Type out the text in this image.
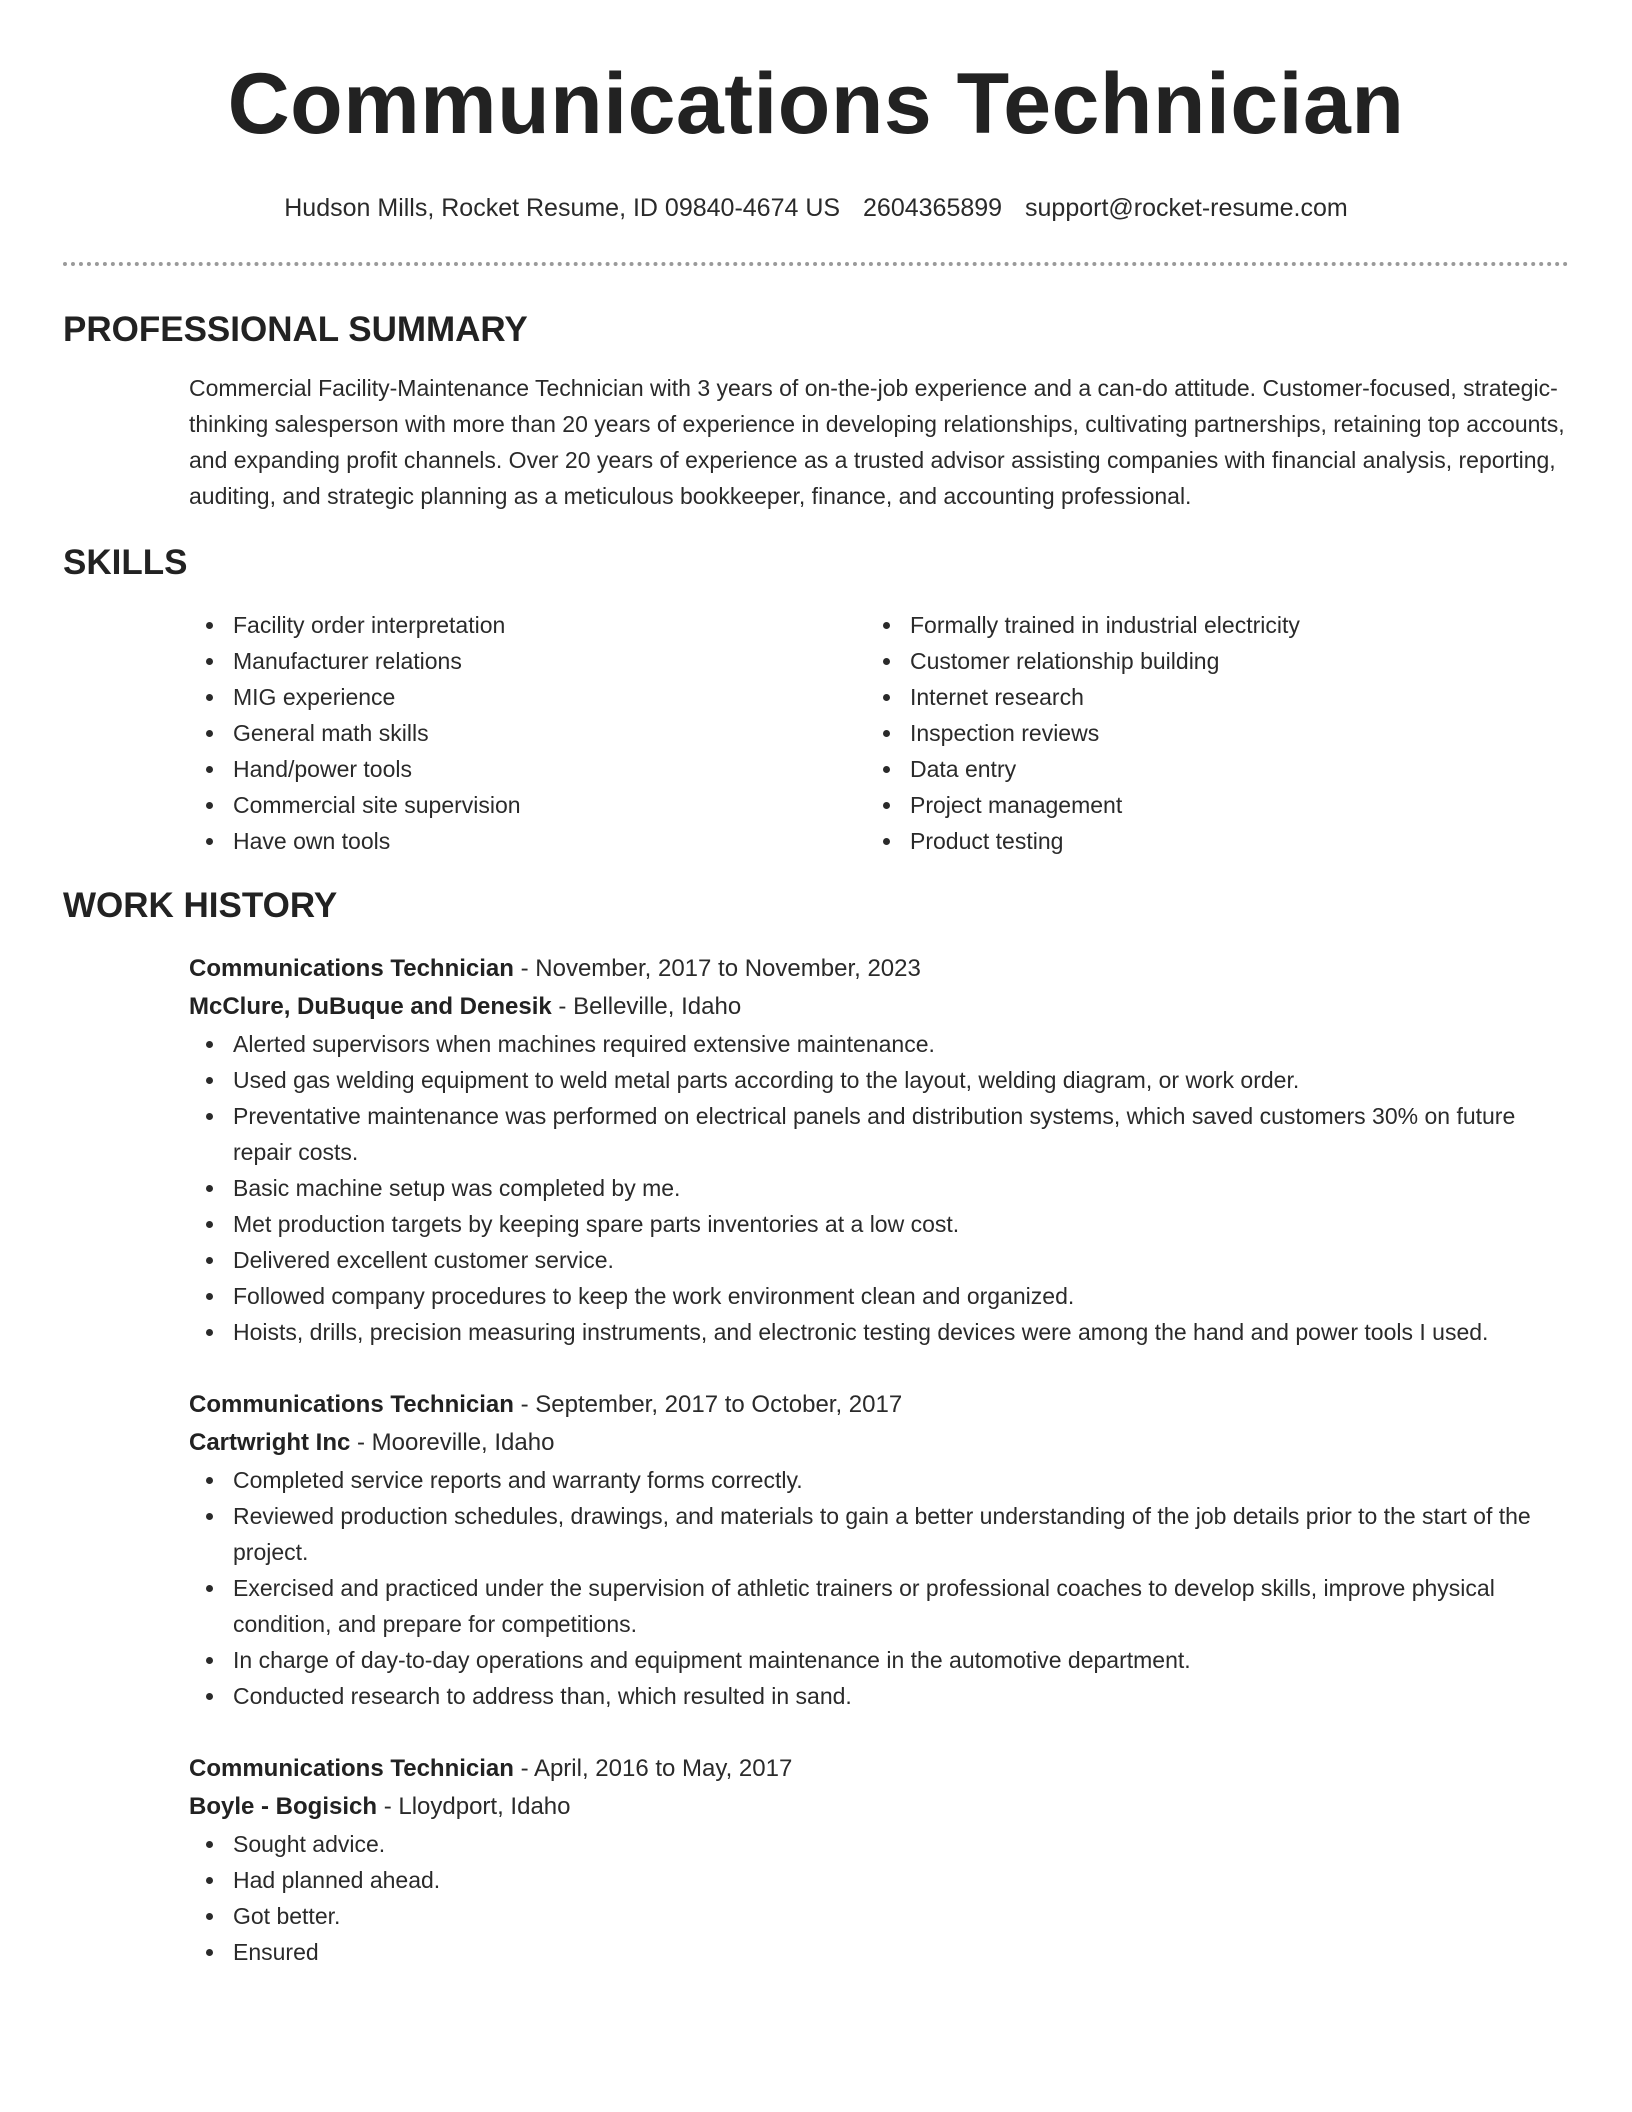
Communications Technician
Hudson Mills, Rocket Resume, ID 09840-4674 US 2604365899 support@rocket-resume.com
PROFESSIONAL SUMMARY

Commercial Facility-Maintenance Technician with 3 years of on-the-job experience and a can-do attitude. Customer-focused, strategic-thinking salesperson with more than 20 years of experience in developing relationships, cultivating partnerships, retaining top accounts, and expanding profit channels. Over 20 years of experience as a trusted advisor assisting companies with financial analysis, reporting, auditing, and strategic planning as a meticulous bookkeeper, finance, and accounting professional.

SKILLS
Facility order interpretation
Manufacturer relations
MIG experience
General math skills
Hand/power tools
Commercial site supervision
Have own tools
Formally trained in industrial electricity
Customer relationship building
Internet research
Inspection reviews
Data entry
Project management
Product testing
WORK HISTORY
Communications Technician - November, 2017 to November, 2023
McClure, DuBuque and Denesik - Belleville, Idaho
Alerted supervisors when machines required extensive maintenance.
Used gas welding equipment to weld metal parts according to the layout, welding diagram, or work order.
Preventative maintenance was performed on electrical panels and distribution systems, which saved customers 30% on future repair costs.
Basic machine setup was completed by me.
Met production targets by keeping spare parts inventories at a low cost.
Delivered excellent customer service.
Followed company procedures to keep the work environment clean and organized.
Hoists, drills, precision measuring instruments, and electronic testing devices were among the hand and power tools I used.
Communications Technician - September, 2017 to October, 2017
Cartwright Inc - Mooreville, Idaho
Completed service reports and warranty forms correctly.
Reviewed production schedules, drawings, and materials to gain a better understanding of the job details prior to the start of the project.
Exercised and practiced under the supervision of athletic trainers or professional coaches to develop skills, improve physical condition, and prepare for competitions.
In charge of day-to-day operations and equipment maintenance in the automotive department.
Conducted research to address than, which resulted in sand.
Communications Technician - April, 2016 to May, 2017
Boyle - Bogisich - Lloydport, Idaho
Sought advice.
Had planned ahead.
Got better.
Ensured
